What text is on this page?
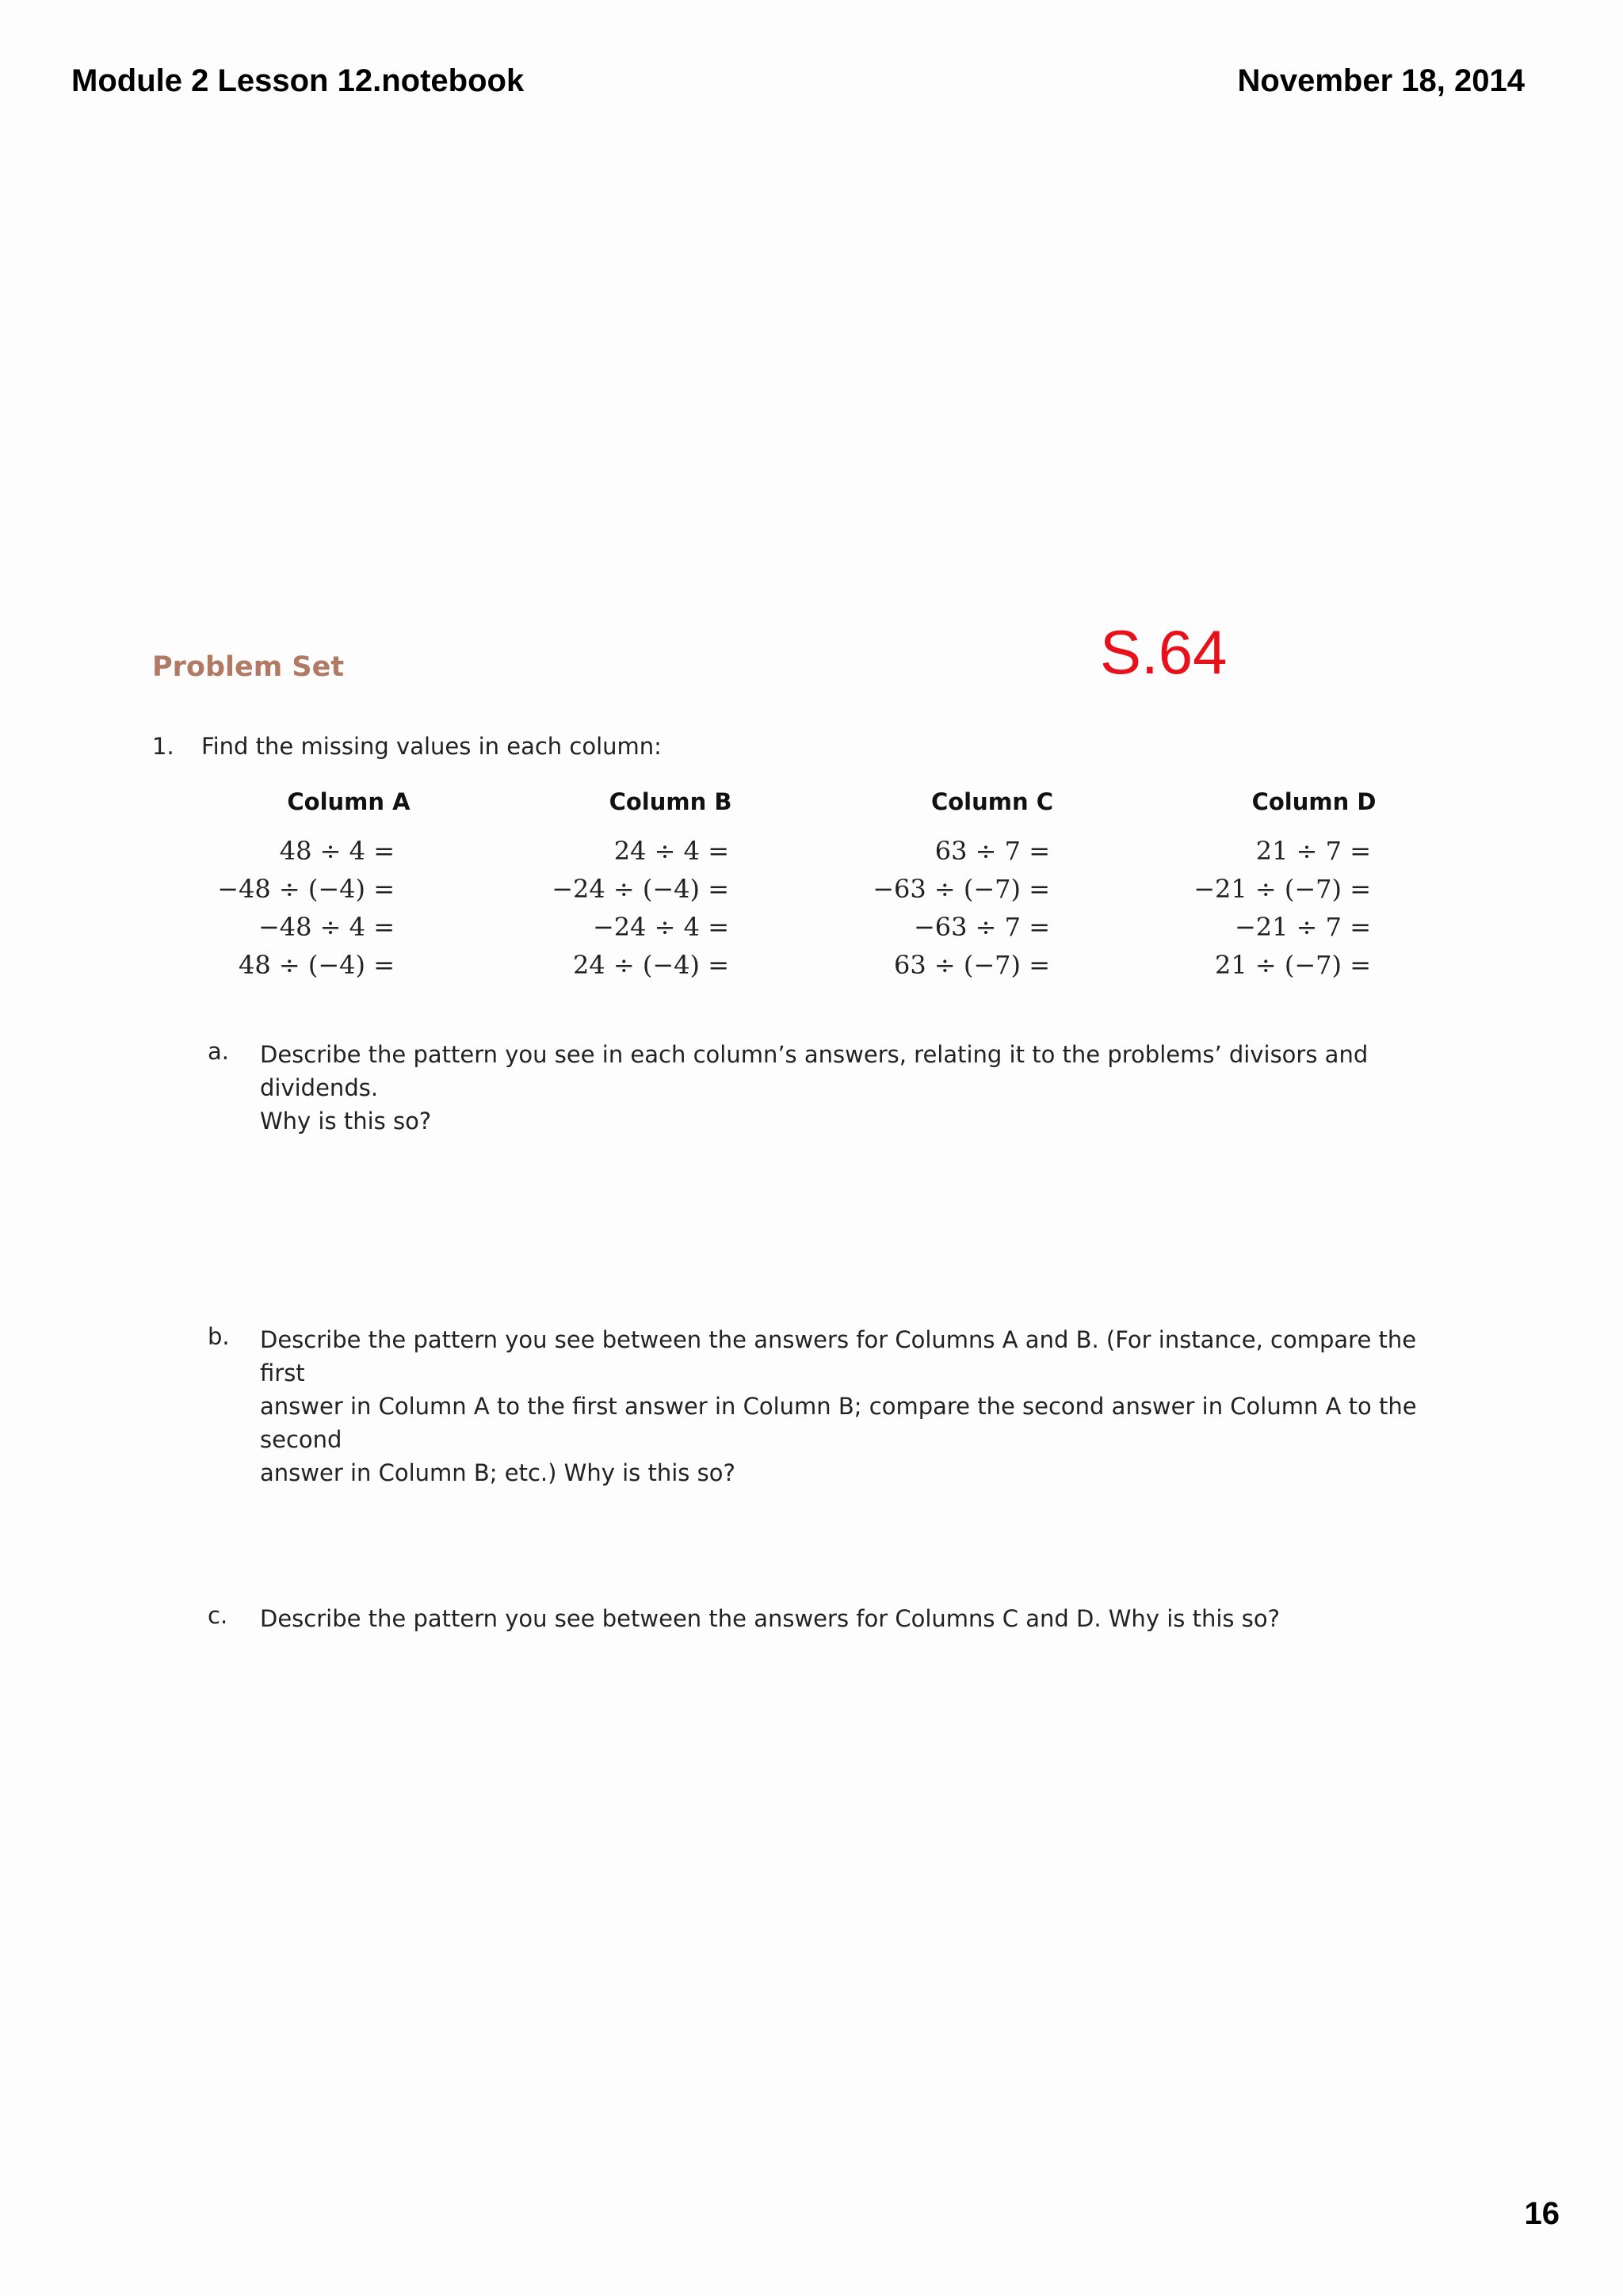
Module 2 Lesson 12.notebook	November 18, 2014
S.64
Problem Set
1. Find the missing values in each column:
Column A
48 ÷ 4 =
−48 ÷ (−4) =
−48 ÷ 4 =
48 ÷ (−4) =
Column B
24 ÷ 4 =
−24 ÷ (−4) =
−24 ÷ 4 =
24 ÷ (−4) =
Column C
63 ÷ 7 =
−63 ÷ (−7) =
−63 ÷ 7 =
63 ÷ (−7) =
Column D
21 ÷ 7 =
−21 ÷ (−7) =
−21 ÷ 7 =
21 ÷ (−7) =
a. Describe the pattern you see in each column’s answers, relating it to the problems’ divisors and dividends.
Why is this so?
b. Describe the pattern you see between the answers for Columns A and B. (For instance, compare the first
answer in Column A to the first answer in Column B; compare the second answer in Column A to the second
answer in Column B; etc.) Why is this so?
c. Describe the pattern you see between the answers for Columns C and D. Why is this so?
16
